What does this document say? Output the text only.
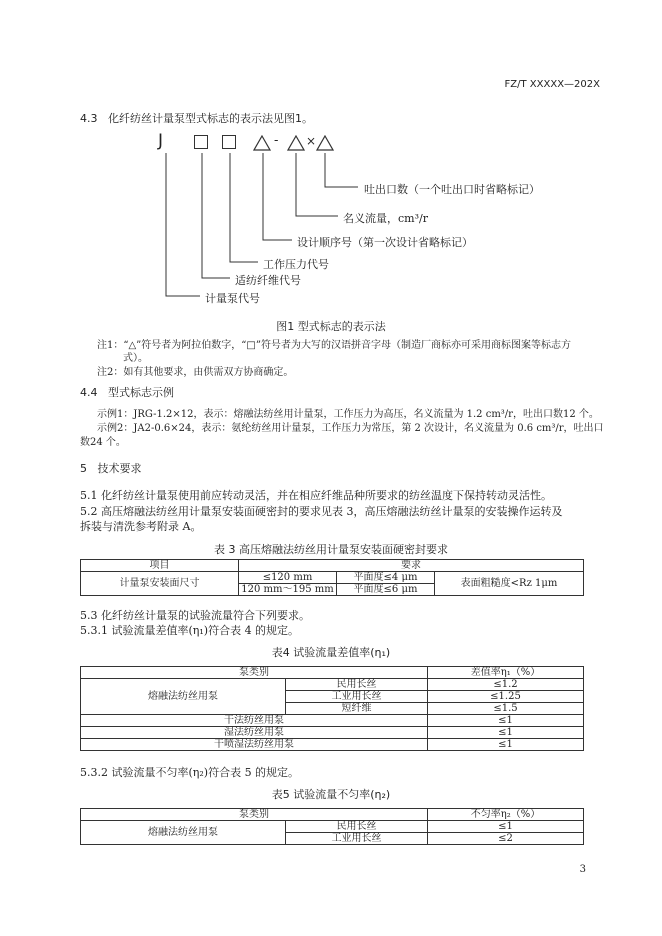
FZ/T XXXXX—202X
4.3 化纤纺丝计量泵型式标志的表示法见图1。
J	- ×
吐出口数（一个吐出口时省略标记）
名义流量，cm³/r
设计顺序号（第一次设计省略标记）
工作压力代号
适纺纤维代号
计量泵代号
图1 型式标志的表示法
注1：“△”符号者为阿拉伯数字，“□”符号者为大写的汉语拼音字母（制造厂商标亦可采用商标图案等标志方
式）。
注2：如有其他要求，由供需双方协商确定。
4.4 型式标志示例
示例1：JRG-1.2×12，表示：熔融法纺丝用计量泵，工作压力为高压，名义流量为 1.2 cm³/r，吐出口数12 个。
示例2：JA2-0.6×24，表示：氨纶纺丝用计量泵，工作压力为常压，第 2 次设计，名义流量为 0.6 cm³/r，吐出口
数24 个。
5 技术要求
5.1 化纤纺丝计量泵使用前应转动灵活，并在相应纤维品种所要求的纺丝温度下保持转动灵活性。
5.2 高压熔融法纺丝用计量泵安装面硬密封的要求见表 3，高压熔融法纺丝计量泵的安装操作运转及
拆装与清洗参考附录 A。
表 3 高压熔融法纺丝用计量泵安装面硬密封要求
项目	要求		
计量泵安装面尺寸	≤120 mm	平面度≤4 μm	表面粗糙度<Rz 1μm
	120 mm～195 mm	平面度≤6 μm	
5.3 化纤纺丝计量泵的试验流量符合下列要求。
5.3.1 试验流量差值率(η₁)符合表 4 的规定。
表4 试验流量差值率(η₁)
泵类别		差值率η₁（%）
熔融法纺丝用泵	民用长丝	≤1.2
	工业用长丝	≤1.25
	短纤维	≤1.5
干法纺丝用泵		≤1
湿法纺丝用泵		≤1
干喷湿法纺丝用泵		≤1
5.3.2 试验流量不匀率(η₂)符合表 5 的规定。
表5 试验流量不匀率(η₂)
泵类别		不匀率η₂（%）
熔融法纺丝用泵	民用长丝	≤1
	工业用长丝	≤2
3
